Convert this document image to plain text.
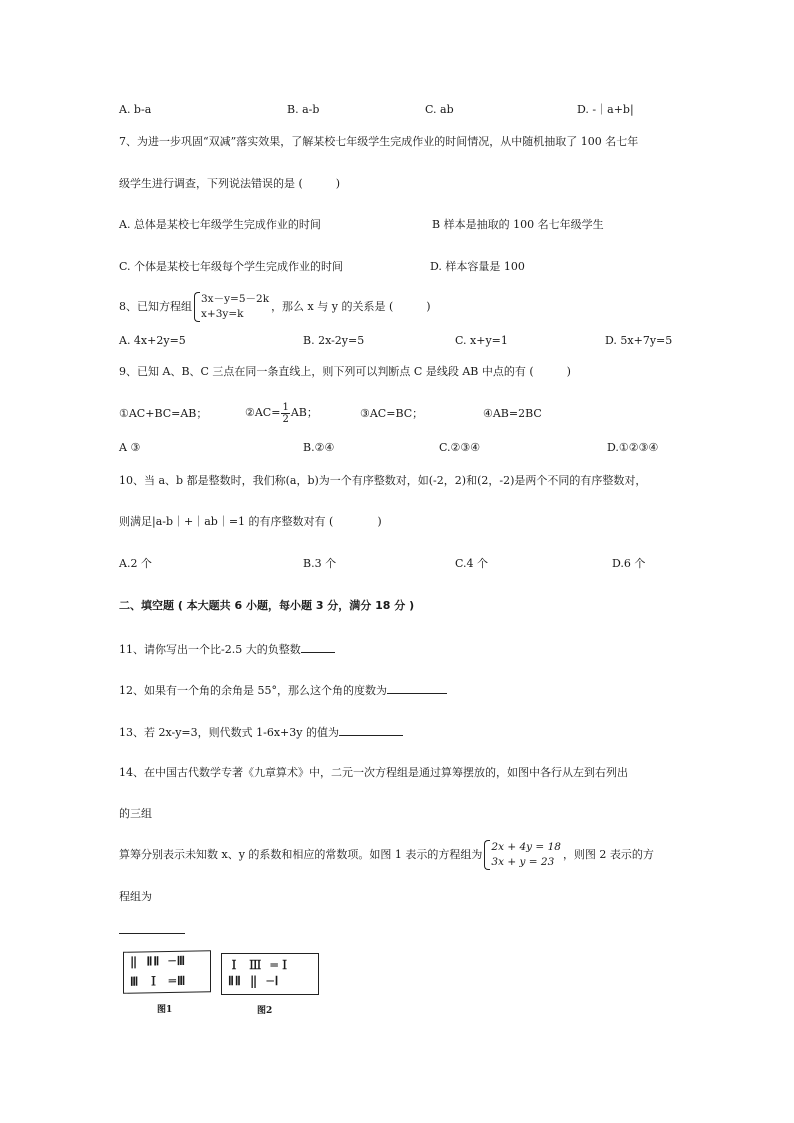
A. b-a	B. a-b	C. ab	D. -｜a+b|
7、为进一步巩固“双减”落实效果，了解某校七年级学生完成作业的时间情况，从中随机抽取了 100 名七年
级学生进行调查，下列说法错误的是 (　　　)
A. 总体是某校七年级学生完成作业的时间	B 样本是抽取的 100 名七年级学生
C. 个体是某校七年级每个学生完成作业的时间	D. 样本容量是 100
8、已知方程组
3x－y=5－2k
x+3y=k
，那么 x 与 y 的关系是 (　　　)
A. 4x+2y=5	B. 2x-2y=5	C. x+y=1	D. 5x+7y=5
9、已知 A、B、C 三点在同一条直线上，则下列可以判断点 C 是线段 AB 中点的有 (　　　)
①AC+BC=AB；	②AC= $\frac{1}{2}$ AB；	③AC=BC；	④AB=2BC
A ③	B.②④	C.②③④	D.①②③④
10、当 a、b 都是整数时，我们称(a，b)为一个有序整数对，如(-2，2)和(2，-2)是两个不同的有序整数对，
则满足|a-b｜+｜ab｜=1 的有序整数对有 (　　　　)
A.2 个	B.3 个	C.4 个	D.6 个
二、填空题 ( 本大题共 6 小题，每小题 3 分，满分 18 分 )
11、请你写出一个比-2.5 大的负整数
12、如果有一个角的余角是 55°，那么这个角的度数为
13、若 2x-y=3，则代数式 1-6x+3y 的值为
14、在中国古代数学专著《九章算术》中，二元一次方程组是通过算筹摆放的，如图中各行从左到右列出
的三组
算筹分别表示未知数 x、y 的系数和相应的常数项。如图 1 表示的方程组为
2x + 4y = 18
3x + y = 23
，则图 2 表示的方
程组为
‖ ⅡⅡ ─Ⅲ
Ⅲ Ｉ ═Ⅲ
图1
Ｉ Ⅲ ═Ｉ
ⅡⅡ ‖ ─Ⅰ
图2
